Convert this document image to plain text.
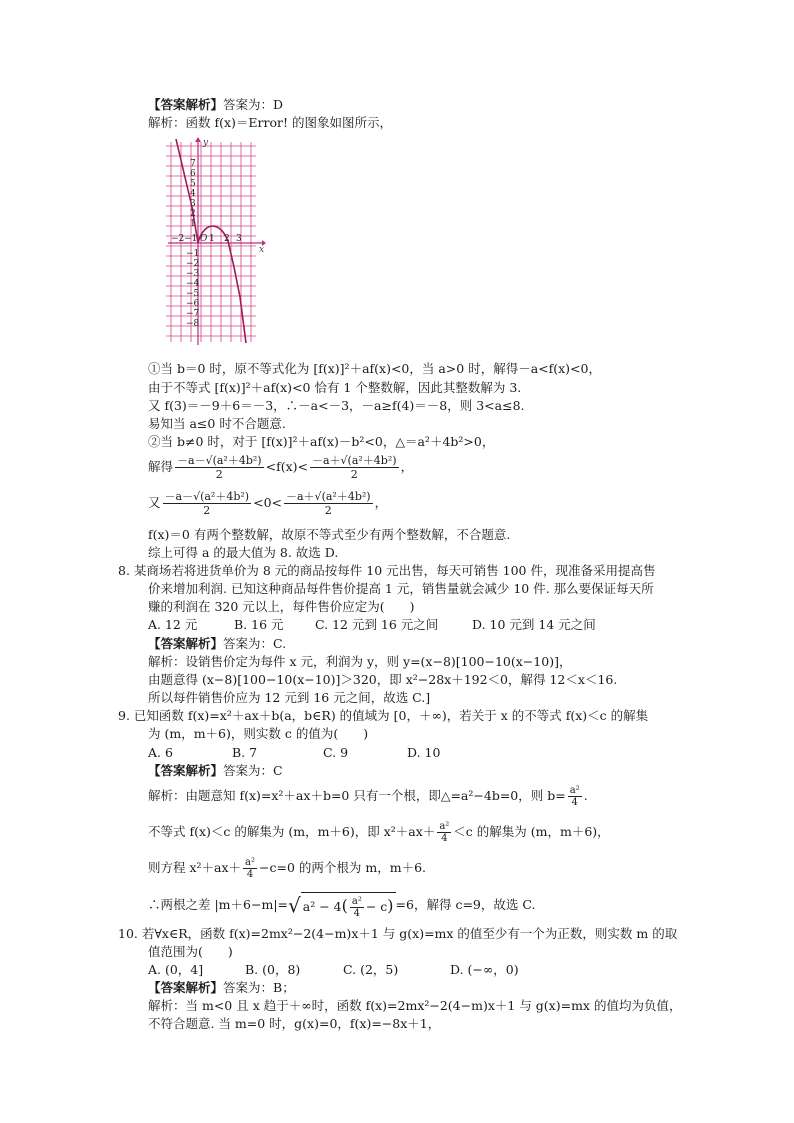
【答案解析】答案为：D
解析：函数 f(x)＝Error! 的图象如图所示，
y
x
7
6
5
4
3
2
1
−1
−2
−3
−4
−5
−6
−7
−8
−2 −1 O 1 2 3
①当 b＝0 时，原不等式化为 [f(x)]²＋af(x)<0，当 a>0 时，解得－a<f(x)<0，
由于不等式 [f(x)]²＋af(x)<0 恰有 1 个整数解，因此其整数解为 3.
又 f(3)＝－9＋6＝－3，∴－a<－3，－a≥f(4)＝－8，则 3<a≤8.
易知当 a≤0 时不合题意.
②当 b≠0 时，对于 [f(x)]²＋af(x)－b²<0，△＝a²＋4b²>0，
解得 $\frac{\text{－a－√(a²＋4b²)}}{2} <f(x)< \frac{\text{－a＋√(a²＋4b²)}}{2}$ ，
又 $\frac{\text{－a－√(a²＋4b²)}}{2} <0< \frac{\text{－a＋√(a²＋4b²)}}{2}$ ，
f(x)＝0 有两个整数解，故原不等式至少有两个整数解，不合题意.
综上可得 a 的最大值为 8. 故选 D.
8. 某商场若将进货单价为 8 元的商品按每件 10 元出售，每天可销售 100 件，现准备采用提高售
价来增加利润. 已知这种商品每件售价提高 1 元，销售量就会减少 10 件. 那么要保证每天所
赚的利润在 320 元以上，每件售价应定为(　　)
A. 12 元	B. 16 元	C. 12 元到 16 元之间	D. 10 元到 14 元之间
【答案解析】答案为：C.
解析：设销售价定为每件 x 元，利润为 y，则 y=(x−8)[100−10(x−10)]，
由题意得 (x−8)[100−10(x−10)]＞320，即 x²−28x＋192＜0，解得 12＜x＜16.
所以每件销售价应为 12 元到 16 元之间，故选 C.]
9. 已知函数 f(x)=x²＋ax＋b(a，b∈R) 的值域为 [0，＋∞)，若关于 x 的不等式 f(x)＜c 的解集
为 (m，m＋6)，则实数 c 的值为(　　)
A. 6	B. 7	C. 9	D. 10
【答案解析】答案为：C
解析：由题意知 f(x)=x²＋ax＋b=0 只有一个根，即△=a²−4b=0，则 $b= \frac{\text{a²}}{4}$ .
不等式 f(x)＜c 的解集为 (m，m＋6)，即 $x^2+ax+ \frac{\text{a²}}{4} <c$ 的解集为 (m，m＋6)，
则方程 $x^2+ax+ \frac{\text{a²}}{4} -c=0$ 的两个根为 m，m＋6.
∴两根之差 |m＋6−m|=√ $a^2 - 4( \frac{\text{a²}}{4} - c) =6$，解得 c=9，故选 C.
10. 若∀x∈R，函数 f(x)=2mx²−2(4−m)x＋1 与 g(x)=mx 的值至少有一个为正数，则实数 m 的取
值范围为(　　)
A. (0，4]	B. (0，8)	C. (2，5)	D. (−∞，0)
【答案解析】答案为：B；
解析：当 m<0 且 x 趋于＋∞时，函数 f(x)=2mx²−2(4−m)x＋1 与 g(x)=mx 的值均为负值，
不符合题意. 当 m=0 时，g(x)=0，f(x)=−8x＋1，
